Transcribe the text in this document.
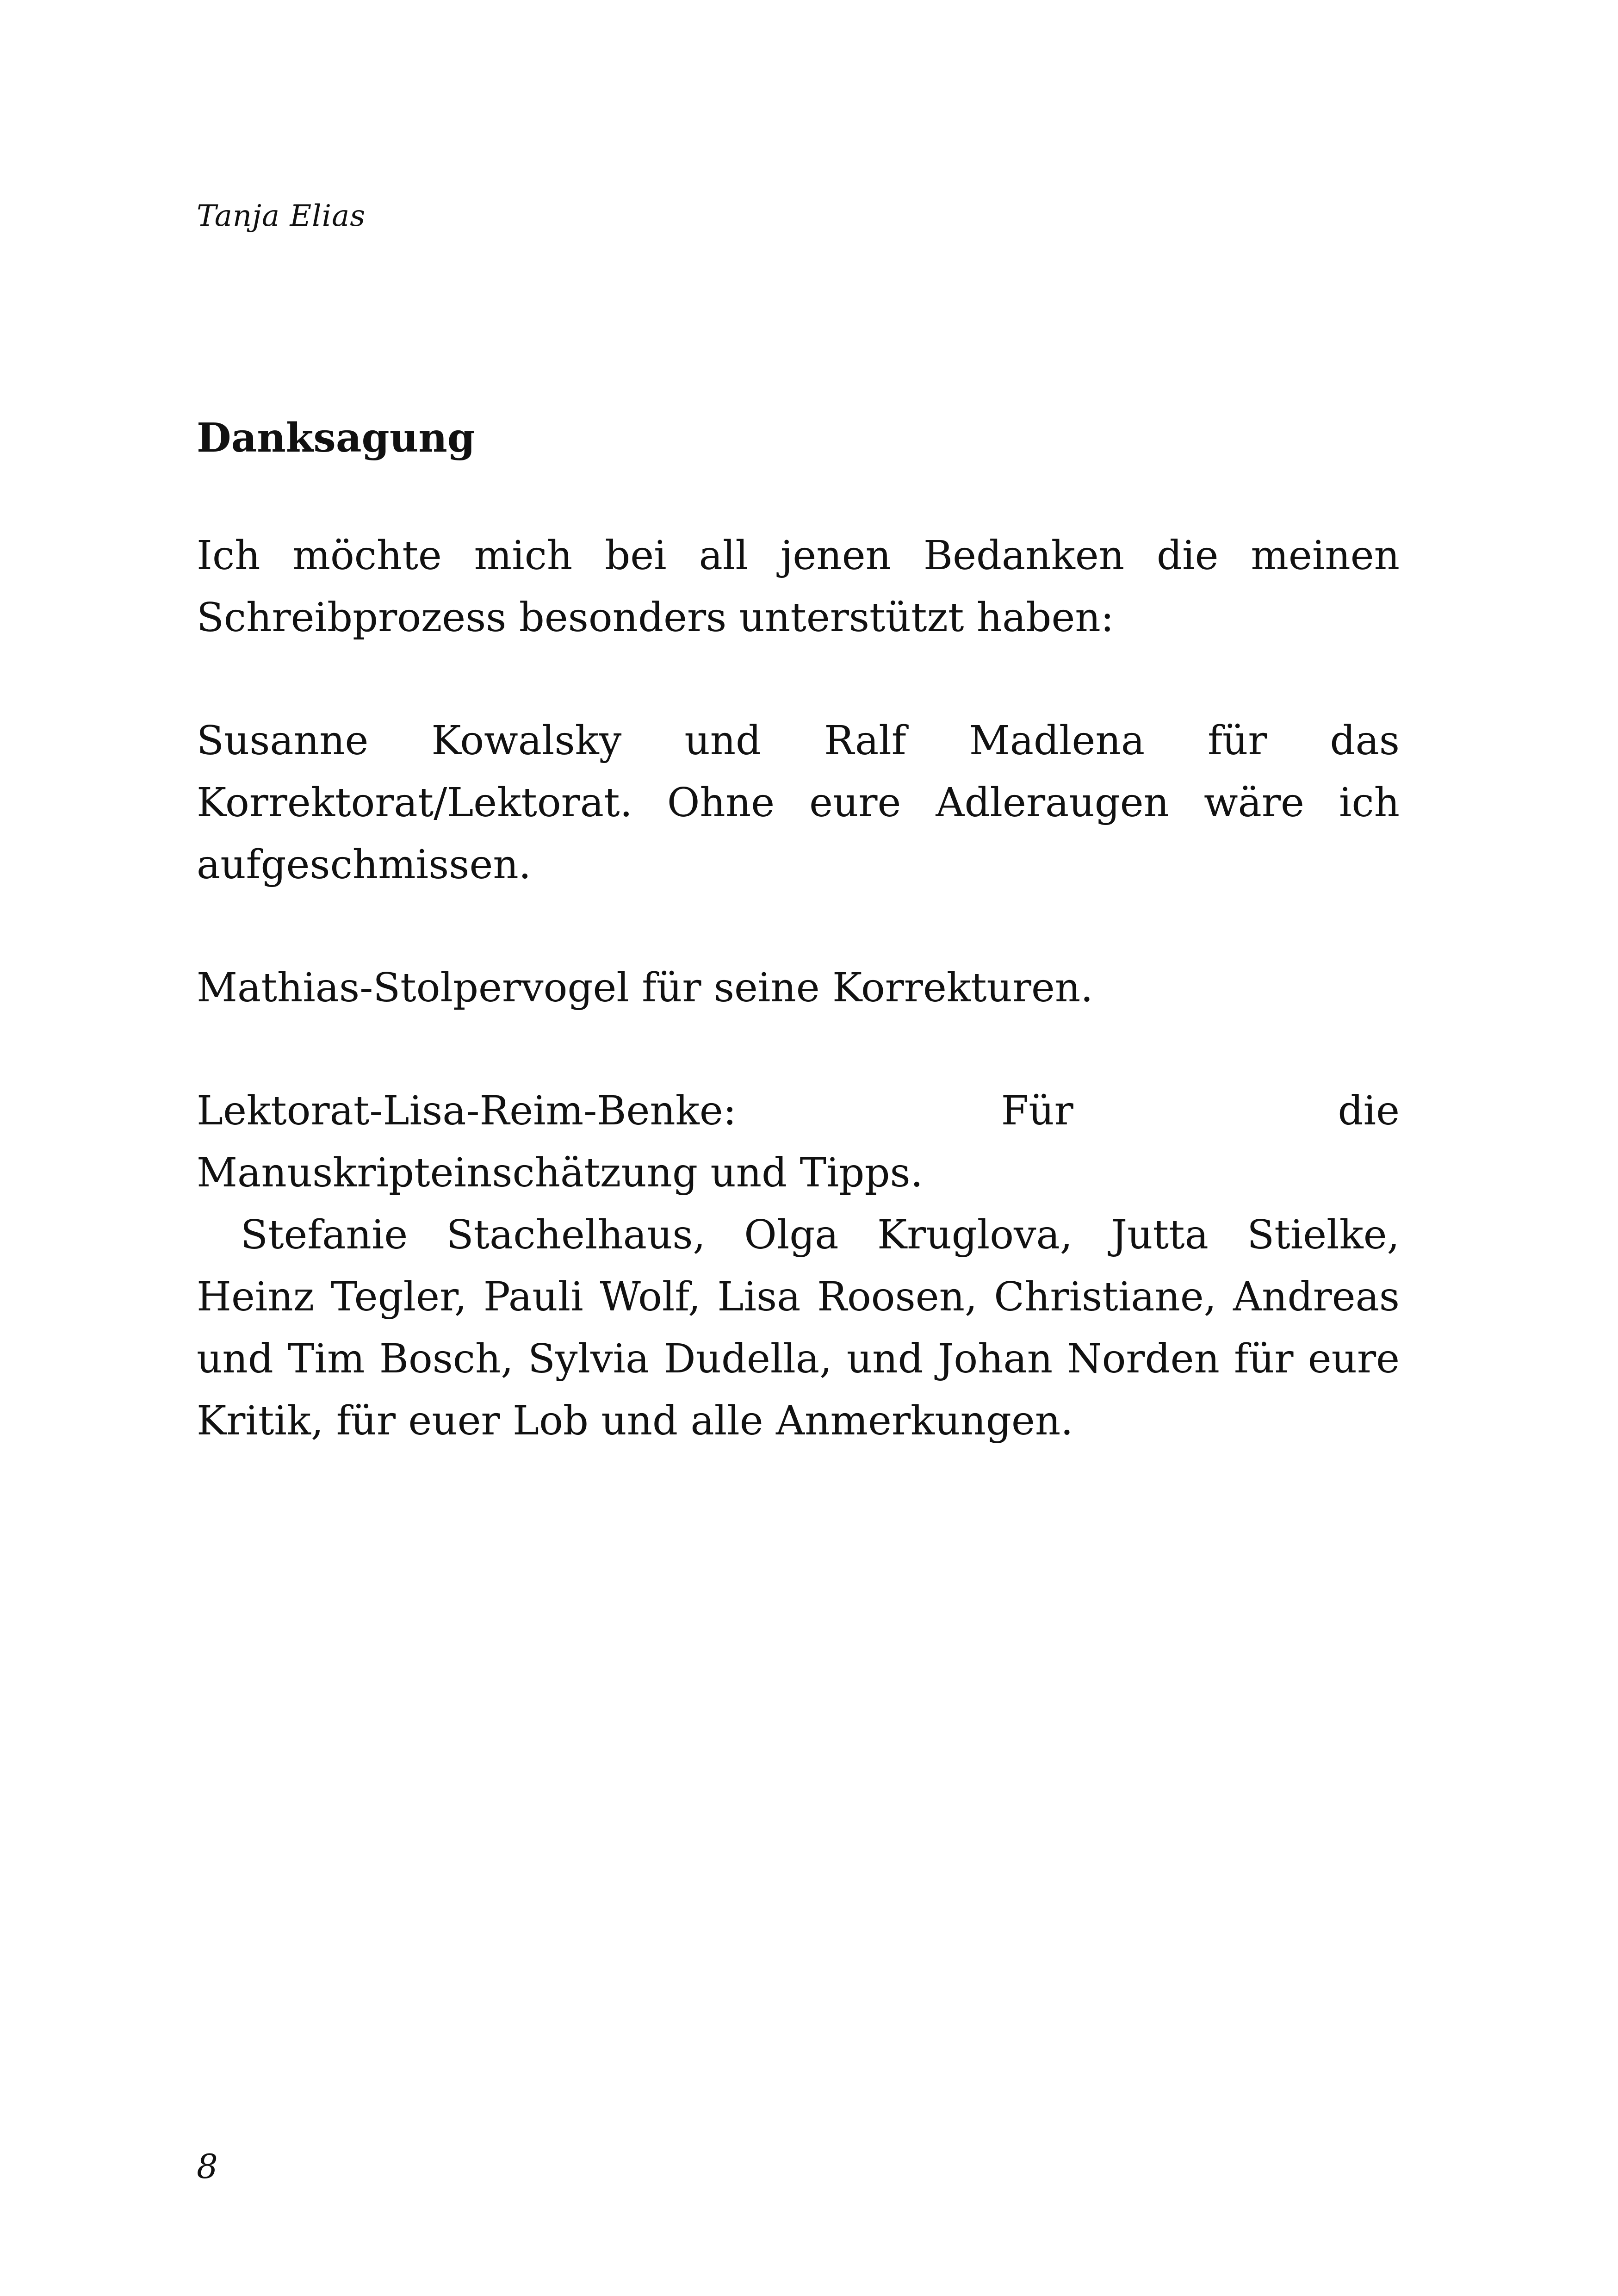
Tanja Elias
Danksagung

Ich möchte mich bei all jenen Bedanken die meinen Schreibprozess besonders unterstützt haben:

Susanne Kowalsky und Ralf Madlena für das Korrektorat/Lektorat. Ohne eure Adleraugen wäre ich aufgeschmissen.

Mathias-Stolpervogel für seine Korrekturen.

Lektorat-Lisa-Reim-Benke: Für die Manuskripteinschätzung und Tipps.

Stefanie Stachelhaus, Olga Kruglova, Jutta Stielke, Heinz Tegler, Pauli Wolf, Lisa Roosen, Christiane, Andreas und Tim Bosch, Sylvia Dudella, und Johan Norden für eure Kritik, für euer Lob und alle Anmerkungen.

8
